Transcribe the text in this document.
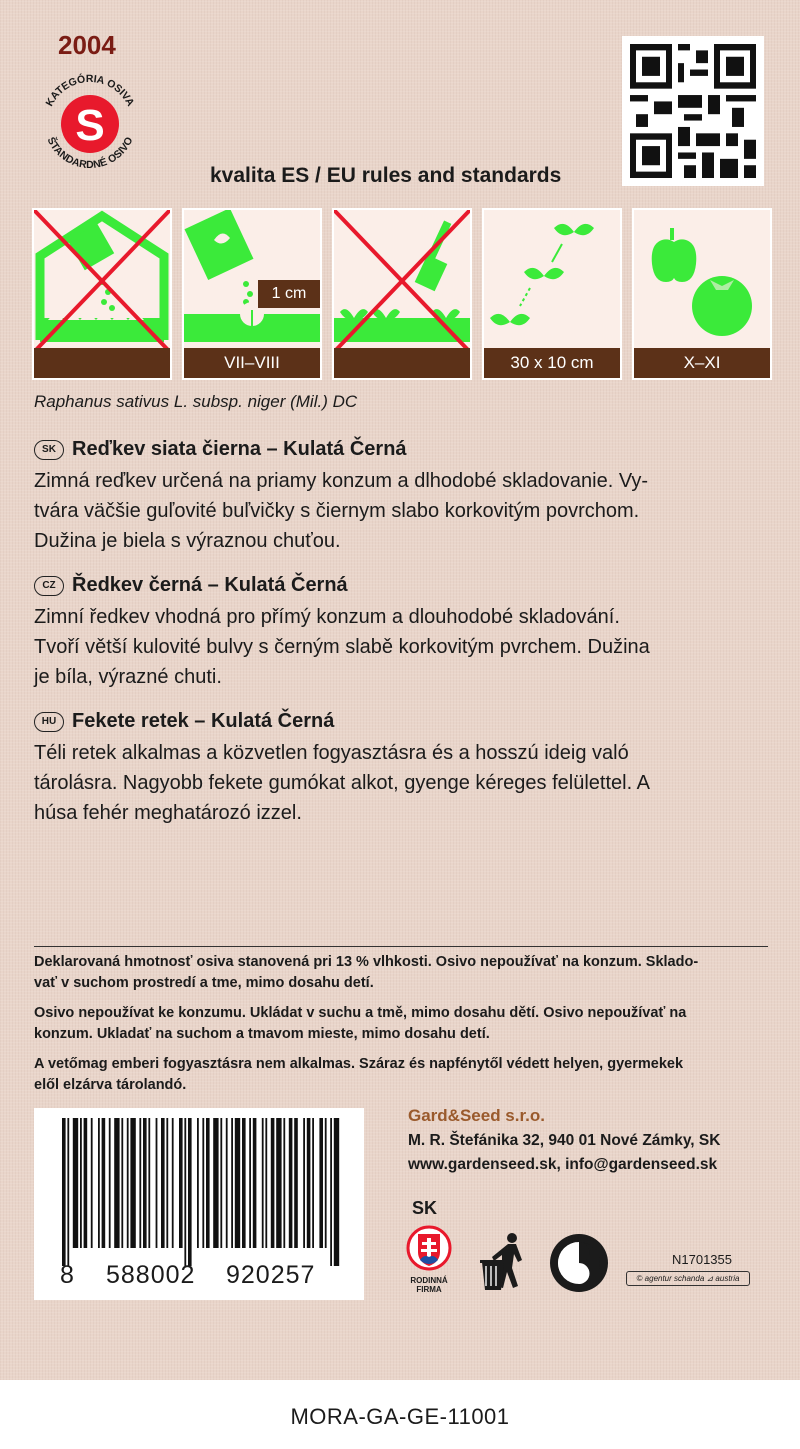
2004
S
KATEGÓRIA OSIVA
ŠTANDARDNÉ OSIVO
kvalita ES / EU rules and standards
VII–VIII	30 x 10 cm	X–XI
1 cm
Raphanus sativus L. subsp. niger (Mil.) DC
SK Reďkev siata čierna – Kulatá Černá
Zimná reďkev určená na priamy konzum a dlhodobé skladovanie. Vy-
tvára väčšie guľovité buľvičky s čiernym slabo korkovitým povrchom.
Dužina je biela s výraznou chuťou.
CZ Ředkev černá – Kulatá Černá
Zimní ředkev vhodná pro přímý konzum a dlouhodobé skladování.
Tvoří větší kulovité bulvy s černým slabě korkovitým pvrchem. Dužina
je bíla, výrazné chuti.
HU Fekete retek – Kulatá Černá
Téli retek alkalmas a közvetlen fogyasztásra és a hosszú ideig való
tárolásra. Nagyobb fekete gumókat alkot, gyenge kéreges felülettel. A
húsa fehér meghatározó izzel.
Deklarovaná hmotnosť osiva stanovená pri 13 % vlhkosti. Osivo nepoužívať na konzum. Sklado-
vať v suchom prostredí a tme, mimo dosahu detí.
Osivo nepoužívat ke konzumu. Ukládat v suchu a tmě, mimo dosahu dětí. Osivo nepoužívať na
konzum. Ukladať na suchom a tmavom mieste, mimo dosahu detí.
A vetőmag emberi fogyasztásra nem alkalmas. Száraz és napfénytől védett helyen, gyermekek
elől elzárva tárolandó.
8 588002 920257
Gard&Seed s.r.o.
M. R. Štefánika 32, 940 01 Nové Zámky, SK
www.gardenseed.sk, info@gardenseed.sk
SK
RODINNÁ
FIRMA
N1701355
© agentur schanda ⊿ austria
MORA-GA-GE-11001
